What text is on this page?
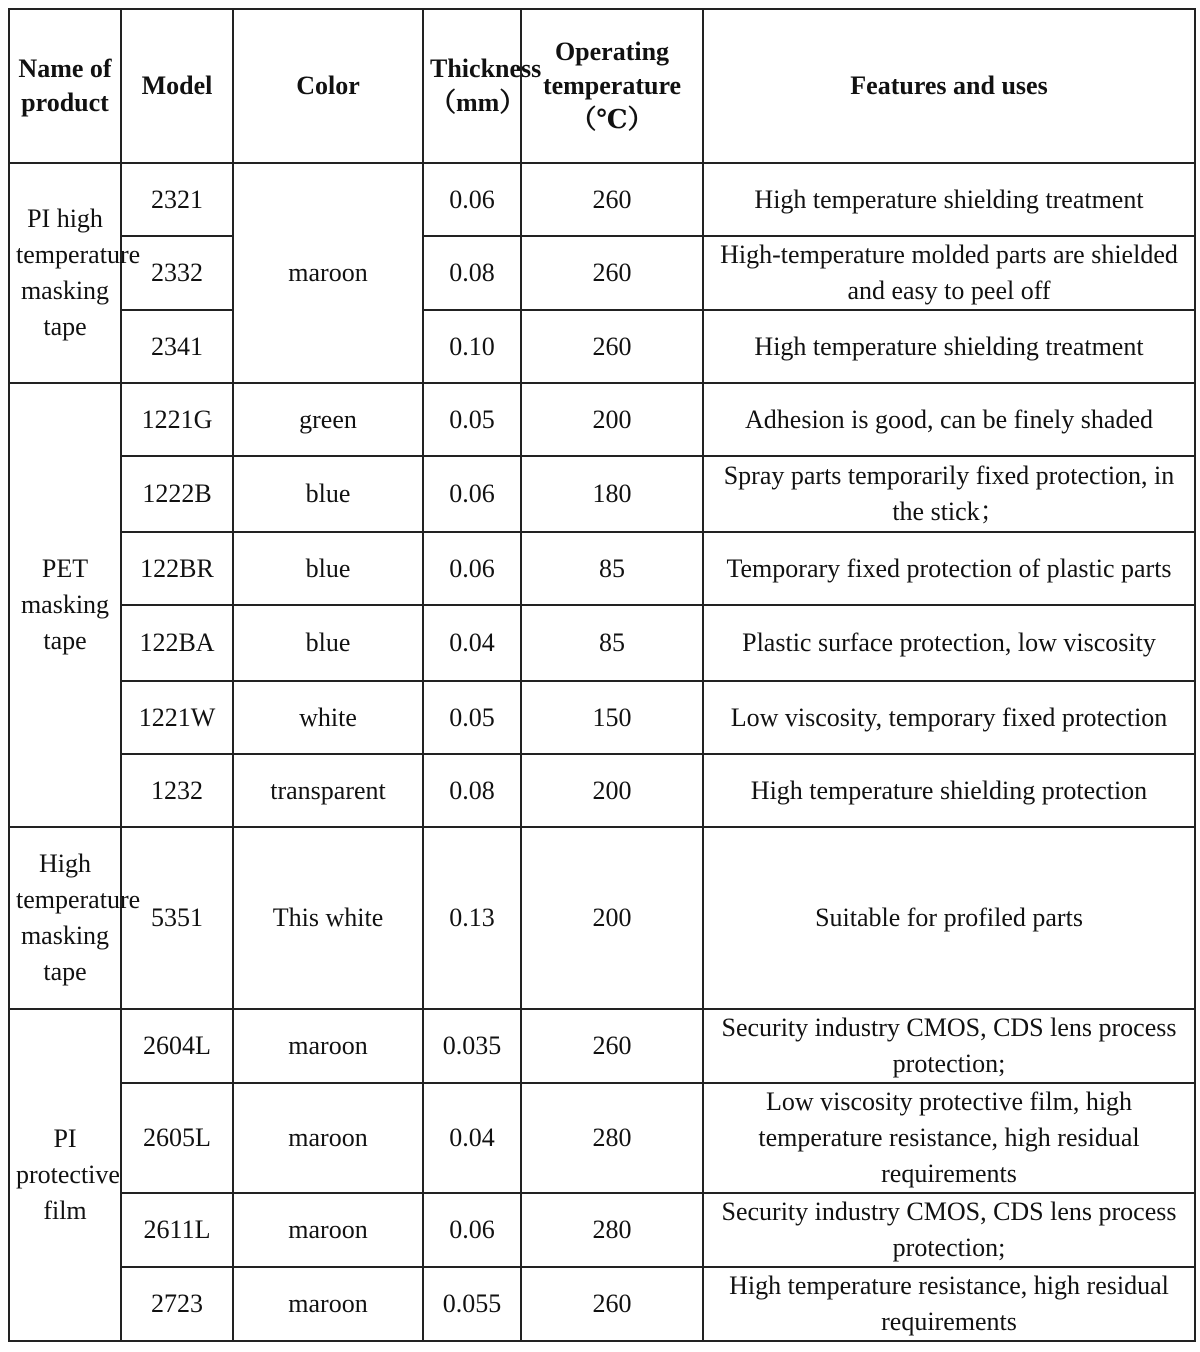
Name of product	Model	Color	Thickness（mm）	Operating temperature（℃）	Features and uses
PI high temperature masking tape	2321	maroon	0.06	260	High temperature shielding treatment
	2332		0.08	260	High-temperature molded parts are shielded and easy to peel off
	2341		0.10	260	High temperature shielding treatment
PET masking tape	1221G	green	0.05	200	Adhesion is good, can be finely shaded
	1222B	blue	0.06	180	Spray parts temporarily fixed protection, in the stick；
	122BR	blue	0.06	85	Temporary fixed protection of plastic parts
	122BA	blue	0.04	85	Plastic surface protection, low viscosity
	1221W	white	0.05	150	Low viscosity, temporary fixed protection
	1232	transparent	0.08	200	High temperature shielding protection
High temperature masking tape	5351	This white	0.13	200	Suitable for profiled parts
PI protective film	2604L	maroon	0.035	260	Security industry CMOS, CDS lens process protection;
	2605L	maroon	0.04	280	Low viscosity protective film, high temperature resistance, high residual requirements
	2611L	maroon	0.06	280	Security industry CMOS, CDS lens process protection;
	2723	maroon	0.055	260	High temperature resistance, high residual requirements
